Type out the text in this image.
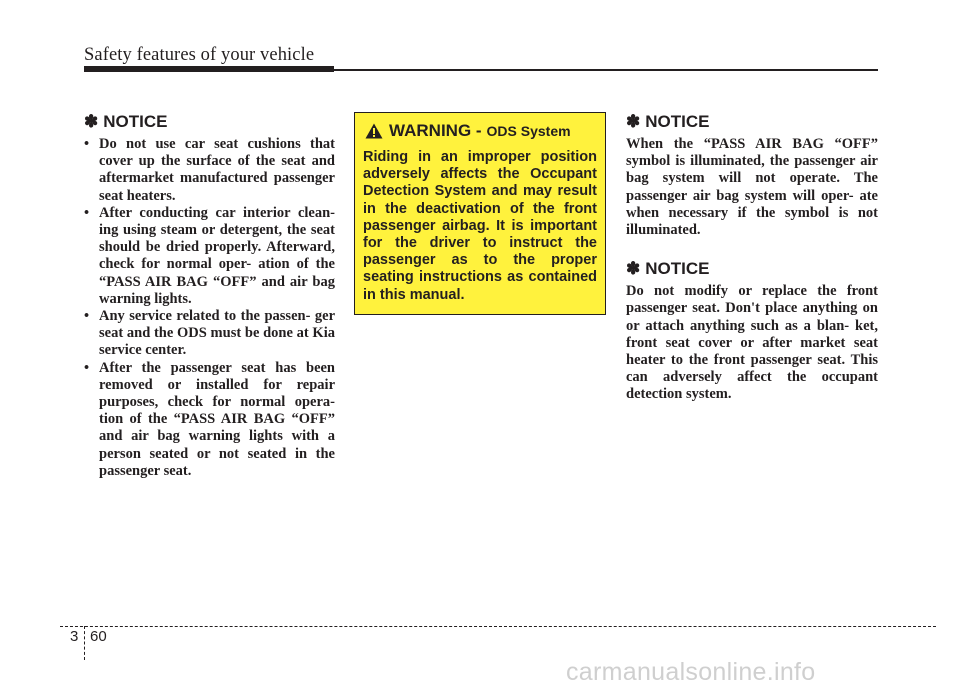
Safety features of your vehicle
✽ NOTICE
• Do not use car seat cushions that cover up the surface of the seat and aftermarket manufactured passenger seat heaters.
• After conducting car interior clean- ing using steam or detergent, the seat should be dried properly. Afterward, check for normal oper- ation of the “PASS AIR BAG “OFF” and air bag warning lights.
• Any service related to the passen- ger seat and the ODS must be done at Kia service center.
• After the passenger seat has been removed or installed for repair purposes, check for normal opera- tion of the “PASS AIR BAG “OFF” and air bag warning lights with a person seated or not seated in the passenger seat.
WARNING - ODS System

Riding in an improper position adversely affects the Occupant Detection System and may result in the deactivation of the front passenger airbag. It is important for the driver to instruct the passenger as to the proper seating instructions as contained in this manual.

✽ NOTICE

When the “PASS AIR BAG “OFF” symbol is illuminated, the passenger air bag system will not operate. The passenger air bag system will oper- ate when necessary if the symbol is not illuminated.

✽ NOTICE

Do not modify or replace the front passenger seat. Don't place anything on or attach anything such as a blan- ket, front seat cover or after market seat heater to the front passenger seat. This can adversely affect the occupant detection system.

3 60
carmanualsonline.info
